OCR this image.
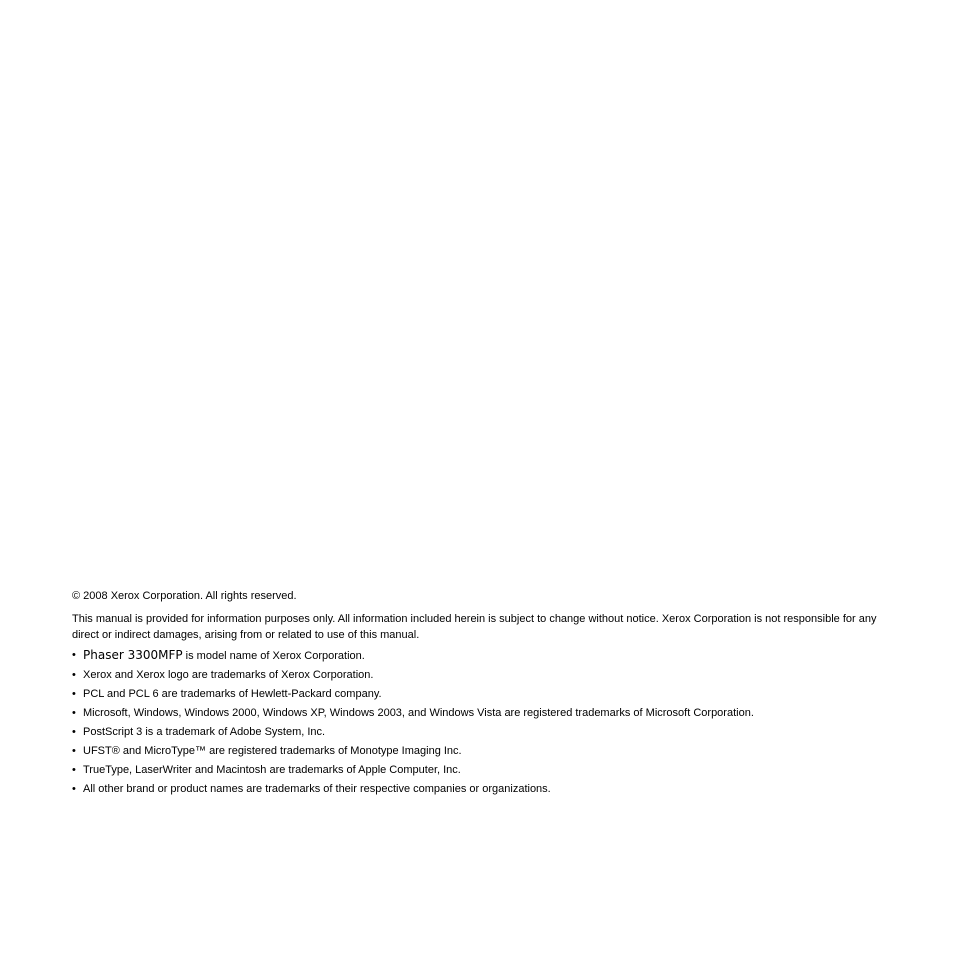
© 2008 Xerox Corporation. All rights reserved.

This manual is provided for information purposes only. All information included herein is subject to change without notice. Xerox Corporation is not responsible for any direct or indirect damages, arising from or related to use of this manual.

• Phaser 3300MFP is model name of Xerox Corporation.
• Xerox and Xerox logo are trademarks of Xerox Corporation.
• PCL and PCL 6 are trademarks of Hewlett-Packard company.
• Microsoft, Windows, Windows 2000, Windows XP, Windows 2003, and Windows Vista are registered trademarks of Microsoft Corporation.
• PostScript 3 is a trademark of Adobe System, Inc.
• UFST® and MicroType™ are registered trademarks of Monotype Imaging Inc.
• TrueType, LaserWriter and Macintosh are trademarks of Apple Computer, Inc.
• All other brand or product names are trademarks of their respective companies or organizations.
